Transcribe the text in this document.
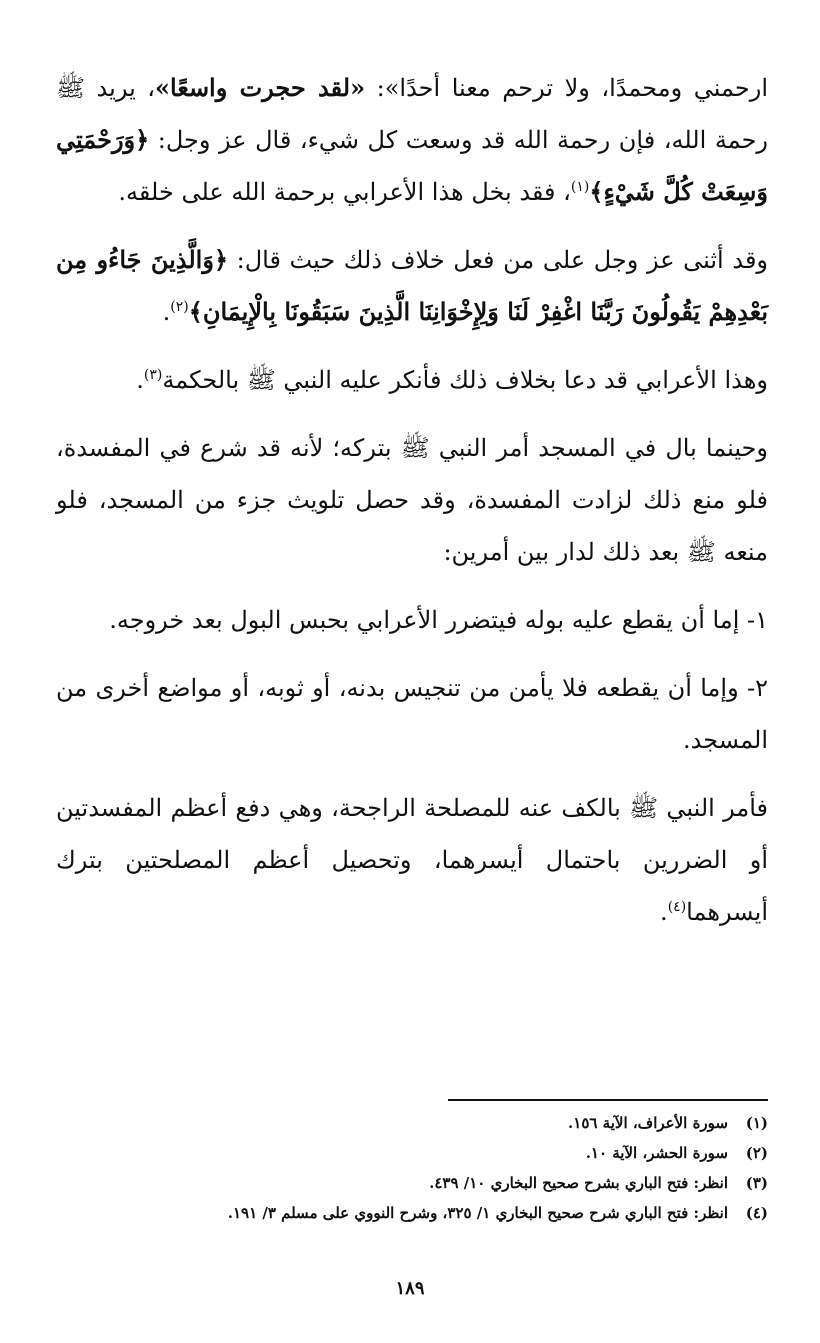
ارحمني ومحمدًا، ولا ترحم معنا أحدًا»: «لقد حجرت واسعًا»، يريد ﷺ رحمة الله، فإن رحمة الله قد وسعت كل شيء، قال عز وجل: ﴿وَرَحْمَتِي وَسِعَتْ كُلَّ شَيْءٍ﴾$^{(١)}$، فقد بخل هذا الأعرابي برحمة الله على خلقه.

وقد أثنى عز وجل على من فعل خلاف ذلك حيث قال: ﴿وَالَّذِينَ جَاءُو مِن بَعْدِهِمْ يَقُولُونَ رَبَّنَا اغْفِرْ لَنَا وَلِإِخْوَانِنَا الَّذِينَ سَبَقُونَا بِالْإِيمَانِ﴾$^{(٢)}$.

وهذا الأعرابي قد دعا بخلاف ذلك فأنكر عليه النبي ﷺ بالحكمة$^{(٣)}$.

وحينما بال في المسجد أمر النبي ﷺ بتركه؛ لأنه قد شرع في المفسدة، فلو منع ذلك لزادت المفسدة، وقد حصل تلويث جزء من المسجد، فلو منعه ﷺ بعد ذلك لدار بين أمرين:

١- إما أن يقطع عليه بوله فيتضرر الأعرابي بحبس البول بعد خروجه.

٢- وإما أن يقطعه فلا يأمن من تنجيس بدنه، أو ثوبه، أو مواضع أخرى من المسجد.

فأمر النبي ﷺ بالكف عنه للمصلحة الراجحة، وهي دفع أعظم المفسدتين أو الضررين باحتمال أيسرهما، وتحصيل أعظم المصلحتين بترك أيسرهما$^{(٤)}$.

(١)
سورة الأعراف، الآية ١٥٦.
(٢)
سورة الحشر، الآية ١٠.
(٣)
انظر: فتح الباري بشرح صحيح البخاري ١٠/ ٤٣٩.
(٤)
انظر: فتح الباري شرح صحيح البخاري ١/ ٣٢٥، وشرح النووي على مسلم ٣/ ١٩١.
١٨٩
